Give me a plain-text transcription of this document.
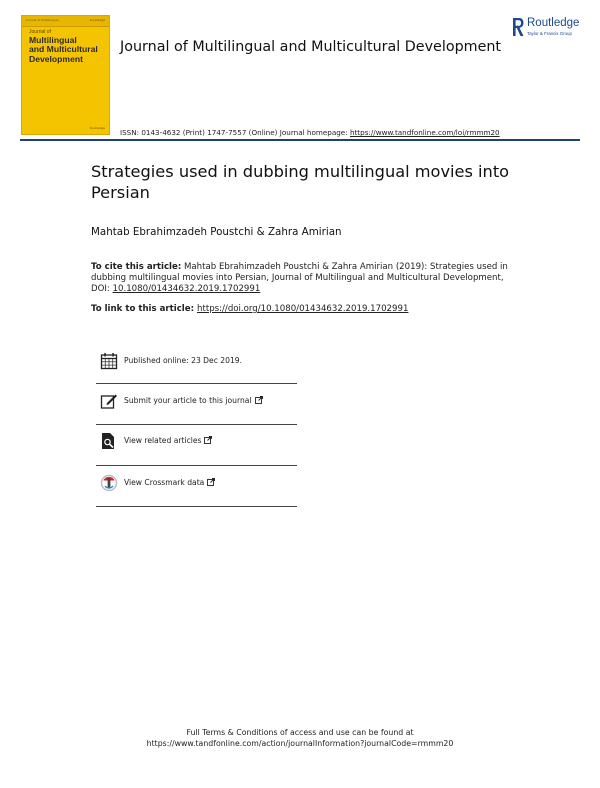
Journal of Multilingual	Routledge
Journal of
Multilingual
and Multicultural
Development
Routledge
Routledge
Taylor & Francis Group
Journal of Multilingual and Multicultural Development
ISSN: 0143-4632 (Print) 1747-7557 (Online) Journal homepage: https://www.tandfonline.com/loi/rmmm20
Strategies used in dubbing multilingual movies into Persian
Mahtab Ebrahimzadeh Poustchi & Zahra Amirian
To cite this article: Mahtab Ebrahimzadeh Poustchi & Zahra Amirian (2019): Strategies used in dubbing multilingual movies into Persian, Journal of Multilingual and Multicultural Development, DOI: 10.1080/01434632.2019.1702991
To link to this article: https://doi.org/10.1080/01434632.2019.1702991
Published online: 23 Dec 2019.
Submit your article to this journal
View related articles
View Crossmark data
Full Terms & Conditions of access and use can be found at
https://www.tandfonline.com/action/journalInformation?journalCode=rmmm20
